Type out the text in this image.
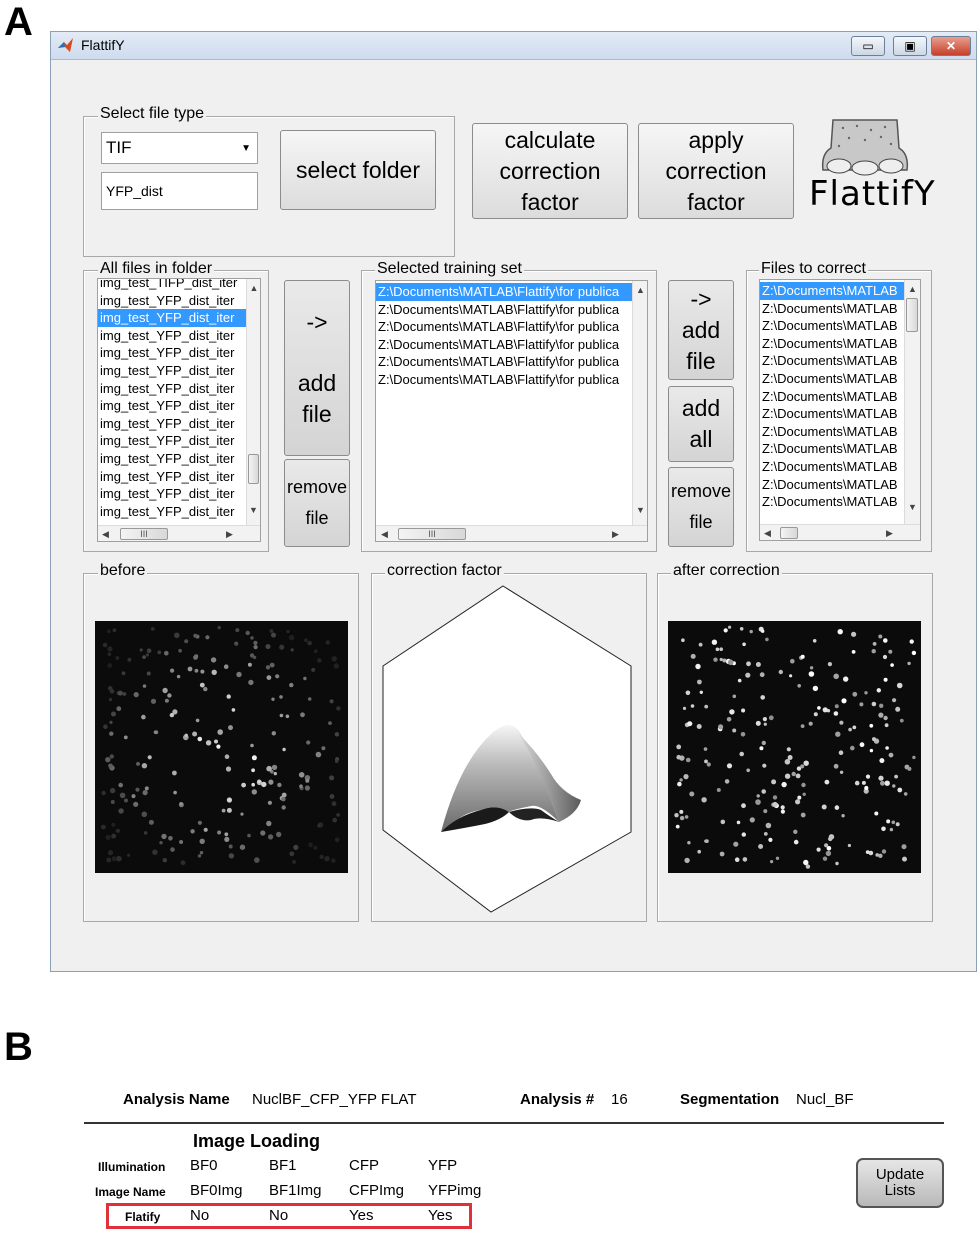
A
B
FlattifY	▭	▣	✕
Select file type
TIF	▼
YFP_dist
select folder
calculate
correction
factor
apply
correction
factor FlattifY
All files in folder
img_test_TIFP_dist_iter
img_test_YFP_dist_iter
img_test_YFP_dist_iter
img_test_YFP_dist_iter
img_test_YFP_dist_iter
img_test_YFP_dist_iter
img_test_YFP_dist_iter
img_test_YFP_dist_iter
img_test_YFP_dist_iter
img_test_YFP_dist_iter
img_test_YFP_dist_iter
img_test_YFP_dist_iter
img_test_YFP_dist_iter
img_test_YFP_dist_iter
▲
▼
◀	III	▶
->
add
file
remove
file
Selected training set
Z:\Documents\MATLAB\Flattify\for publica
Z:\Documents\MATLAB\Flattify\for publica
Z:\Documents\MATLAB\Flattify\for publica
Z:\Documents\MATLAB\Flattify\for publica
Z:\Documents\MATLAB\Flattify\for publica
Z:\Documents\MATLAB\Flattify\for publica
▲
▼
◀	III	▶
->
add
file
add
all
remove
file
Files to correct
Z:\Documents\MATLAB
Z:\Documents\MATLAB
Z:\Documents\MATLAB
Z:\Documents\MATLAB
Z:\Documents\MATLAB
Z:\Documents\MATLAB
Z:\Documents\MATLAB
Z:\Documents\MATLAB
Z:\Documents\MATLAB
Z:\Documents\MATLAB
Z:\Documents\MATLAB
Z:\Documents\MATLAB
Z:\Documents\MATLAB
▲
▼
◀	▶
before	correction factor	after correction
Analysis Name NuclBF_CFP_YFP FLAT	Analysis # 16	Segmentation Nucl_BF
Image Loading
Illumination BF0	BF1	CFP	YFP
Image Name BF0Img BF1Img CFPImg YFPimg
Flatify No	No	Yes	Yes
Update
Lists
